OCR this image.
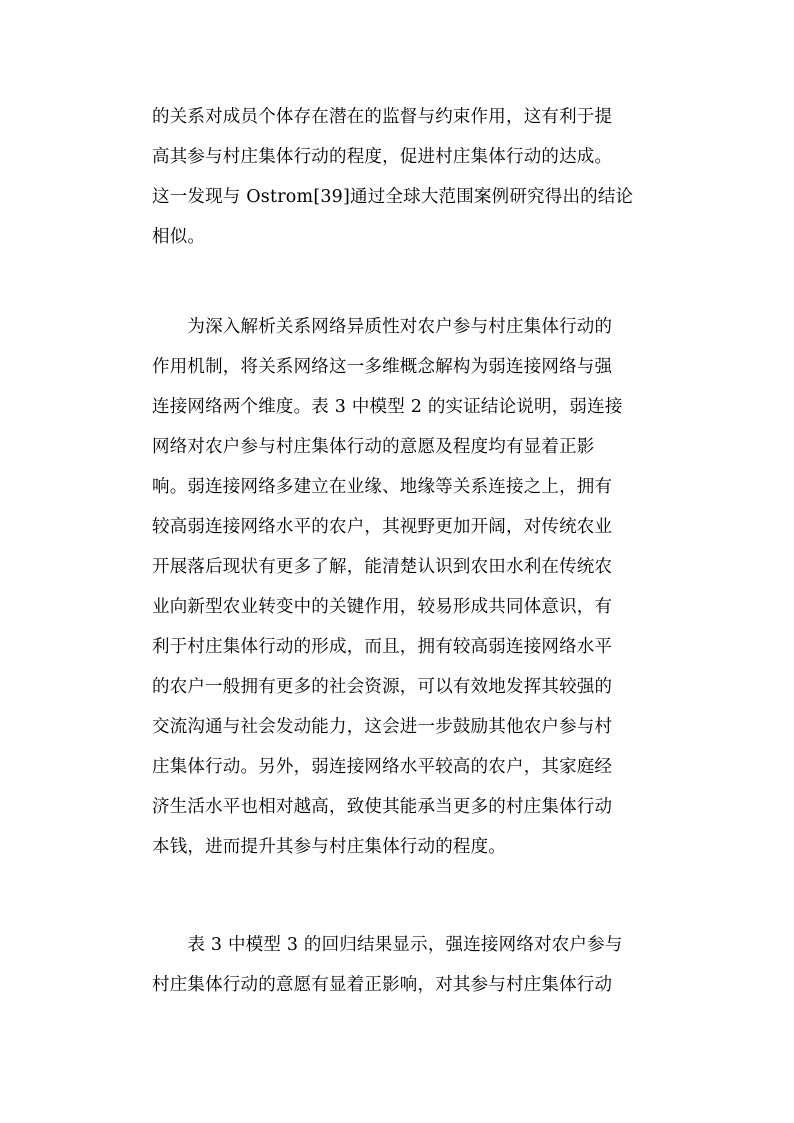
的关系对成员个体存在潜在的监督与约束作用，这有利于提
高其参与村庄集体行动的程度，促进村庄集体行动的达成。
这一发现与 Ostrom[39]通过全球大范围案例研究得出的结论
相似。
　　为深入解析关系网络异质性对农户参与村庄集体行动的
作用机制，将关系网络这一多维概念解构为弱连接网络与强
连接网络两个维度。表 3 中模型 2 的实证结论说明，弱连接
网络对农户参与村庄集体行动的意愿及程度均有显着正影
响。弱连接网络多建立在业缘、地缘等关系连接之上，拥有
较高弱连接网络水平的农户，其视野更加开阔，对传统农业
开展落后现状有更多了解，能清楚认识到农田水利在传统农
业向新型农业转变中的关键作用，较易形成共同体意识，有
利于村庄集体行动的形成，而且，拥有较高弱连接网络水平
的农户一般拥有更多的社会资源，可以有效地发挥其较强的
交流沟通与社会发动能力，这会进一步鼓励其他农户参与村
庄集体行动。另外，弱连接网络水平较高的农户，其家庭经
济生活水平也相对越高，致使其能承当更多的村庄集体行动
本钱，进而提升其参与村庄集体行动的程度。
　　表 3 中模型 3 的回归结果显示，强连接网络对农户参与
村庄集体行动的意愿有显着正影响，对其参与村庄集体行动
